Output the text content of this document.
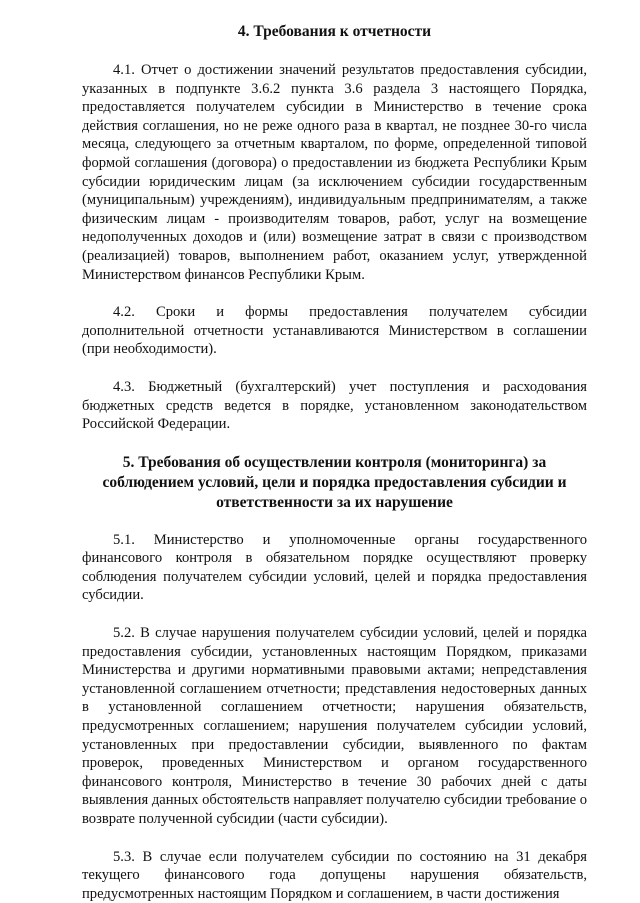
4. Требования к отчетности

4.1. Отчет о достижении значений результатов предоставления субсидии, указанных в подпункте 3.6.2 пункта 3.6 раздела 3 настоящего Порядка, предоставляется получателем субсидии в Министерство в течение срока действия соглашения, но не реже одного раза в квартал, не позднее 30-го числа месяца, следующего за отчетным кварталом, по форме, определенной типовой формой соглашения (договора) о предоставлении из бюджета Республики Крым субсидии юридическим лицам (за исключением субсидии государственным (муниципальным) учреждениям), индивидуальным предпринимателям, а также физическим лицам - производителям товаров, работ, услуг на возмещение недополученных доходов и (или) возмещение затрат в связи с производством (реализацией) товаров, выполнением работ, оказанием услуг, утвержденной Министерством финансов Республики Крым.

4.2. Сроки и формы предоставления получателем субсидии дополнительной отчетности устанавливаются Министерством в соглашении (при необходимости).

4.3. Бюджетный (бухгалтерский) учет поступления и расходования бюджетных средств ведется в порядке, установленном законодательством Российской Федерации.

5. Требования об осуществлении контроля (мониторинга) за соблюдением условий, цели и порядка предоставления субсидии и ответственности за их нарушение

5.1. Министерство и уполномоченные органы государственного финансового контроля в обязательном порядке осуществляют проверку соблюдения получателем субсидии условий, целей и порядка предоставления субсидии.

5.2. В случае нарушения получателем субсидии условий, целей и порядка предоставления субсидии, установленных настоящим Порядком, приказами Министерства и другими нормативными правовыми актами; непредставления установленной соглашением отчетности; представления недостоверных данных в установленной соглашением отчетности; нарушения обязательств, предусмотренных соглашением; нарушения получателем субсидии условий, установленных при предоставлении субсидии, выявленного по фактам проверок, проведенных Министерством и органом государственного финансового контроля, Министерство в течение 30 рабочих дней с даты выявления данных обстоятельств направляет получателю субсидии требование о возврате полученной субсидии (части субсидии).

5.3. В случае если получателем субсидии по состоянию на 31 декабря текущего финансового года допущены нарушения обязательств, предусмотренных настоящим Порядком и соглашением, в части достижения
